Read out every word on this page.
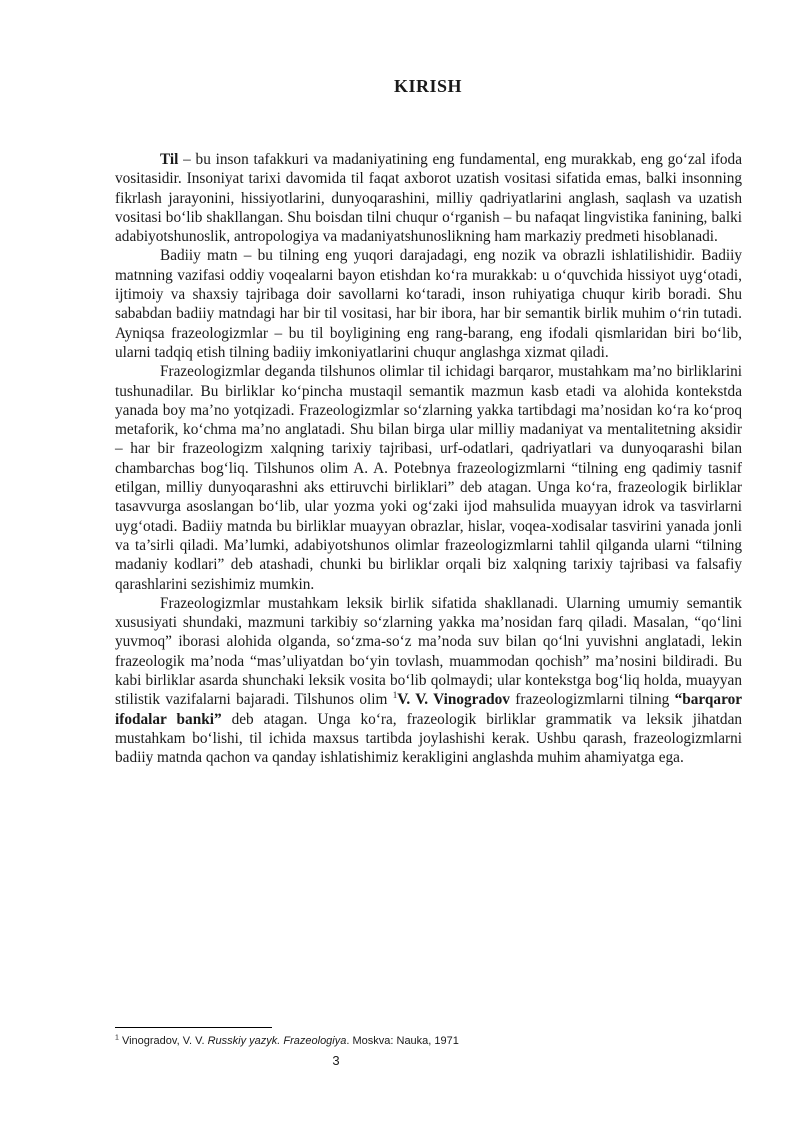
KIRISH

Til – bu inson tafakkuri va madaniyatining eng fundamental, eng murakkab, eng go‘zal ifoda vositasidir. Insoniyat tarixi davomida til faqat axborot uzatish vositasi sifatida emas, balki insonning fikrlash jarayonini, hissiyotlarini, dunyoqarashini, milliy qadriyatlarini anglash, saqlash va uzatish vositasi bo‘lib shakllangan. Shu boisdan tilni chuqur o‘rganish – bu nafaqat lingvistika fanining, balki adabiyotshunoslik, antropologiya va madaniyatshunoslikning ham markaziy predmeti hisoblanadi.

Badiiy matn – bu tilning eng yuqori darajadagi, eng nozik va obrazli ishlatilishidir. Badiiy matnning vazifasi oddiy voqealarni bayon etishdan ko‘ra murakkab: u o‘quvchida hissiyot uyg‘otadi, ijtimoiy va shaxsiy tajribaga doir savollarni ko‘taradi, inson ruhiyatiga chuqur kirib boradi. Shu sababdan badiiy matndagi har bir til vositasi, har bir ibora, har bir semantik birlik muhim o‘rin tutadi. Ayniqsa frazeologizmlar – bu til boyligining eng rang-barang, eng ifodali qismlaridan biri bo‘lib, ularni tadqiq etish tilning badiiy imkoniyatlarini chuqur anglashga xizmat qiladi.

Frazeologizmlar deganda tilshunos olimlar til ichidagi barqaror, mustahkam ma’no birliklarini tushunadilar. Bu birliklar ko‘pincha mustaqil semantik mazmun kasb etadi va alohida kontekstda yanada boy ma’no yotqizadi. Frazeologizmlar so‘zlarning yakka tartibdagi ma’nosidan ko‘ra ko‘proq metaforik, ko‘chma ma’no anglatadi. Shu bilan birga ular milliy madaniyat va mentalitetning aksidir – har bir frazeologizm xalqning tarixiy tajribasi, urf-odatlari, qadriyatlari va dunyoqarashi bilan chambarchas bog‘liq. Tilshunos olim A. A. Potebnya frazeologizmlarni “tilning eng qadimiy tasnif etilgan, milliy dunyoqarashni aks ettiruvchi birliklari” deb atagan. Unga ko‘ra, frazeologik birliklar tasavvurga asoslangan bo‘lib, ular yozma yoki og‘zaki ijod mahsulida muayyan idrok va tasvirlarni uyg‘otadi. Badiiy matnda bu birliklar muayyan obrazlar, hislar, voqea-xodisalar tasvirini yanada jonli va ta’sirli qiladi. Ma’lumki, adabiyotshunos olimlar frazeologizmlarni tahlil qilganda ularni “tilning madaniy kodlari” deb atashadi, chunki bu birliklar orqali biz xalqning tarixiy tajribasi va falsafiy qarashlarini sezishimiz mumkin.

Frazeologizmlar mustahkam leksik birlik sifatida shakllanadi. Ularning umumiy semantik xususiyati shundaki, mazmuni tarkibiy so‘zlarning yakka ma’nosidan farq qiladi. Masalan, “qo‘lini yuvmoq” iborasi alohida olganda, so‘zma-so‘z ma’noda suv bilan qo‘lni yuvishni anglatadi, lekin frazeologik ma’noda “mas’uliyatdan bo‘yin tovlash, muammodan qochish” ma’nosini bildiradi. Bu kabi birliklar asarda shunchaki leksik vosita bo‘lib qolmaydi; ular kontekstga bog‘liq holda, muayyan stilistik vazifalarni bajaradi. Tilshunos olim $^1$V. V. Vinogradov frazeologizmlarni tilning “barqaror ifodalar banki” deb atagan. Unga ko‘ra, frazeologik birliklar grammatik va leksik jihatdan mustahkam bo‘lishi, til ichida maxsus tartibda joylashishi kerak. Ushbu qarash, frazeologizmlarni badiiy matnda qachon va qanday ishlatishimiz kerakligini anglashda muhim ahamiyatga ega.

$^1$ Vinogradov, V. V. Russkiy yazyk. Frazeologiya. Moskva: Nauka, 1971
3
